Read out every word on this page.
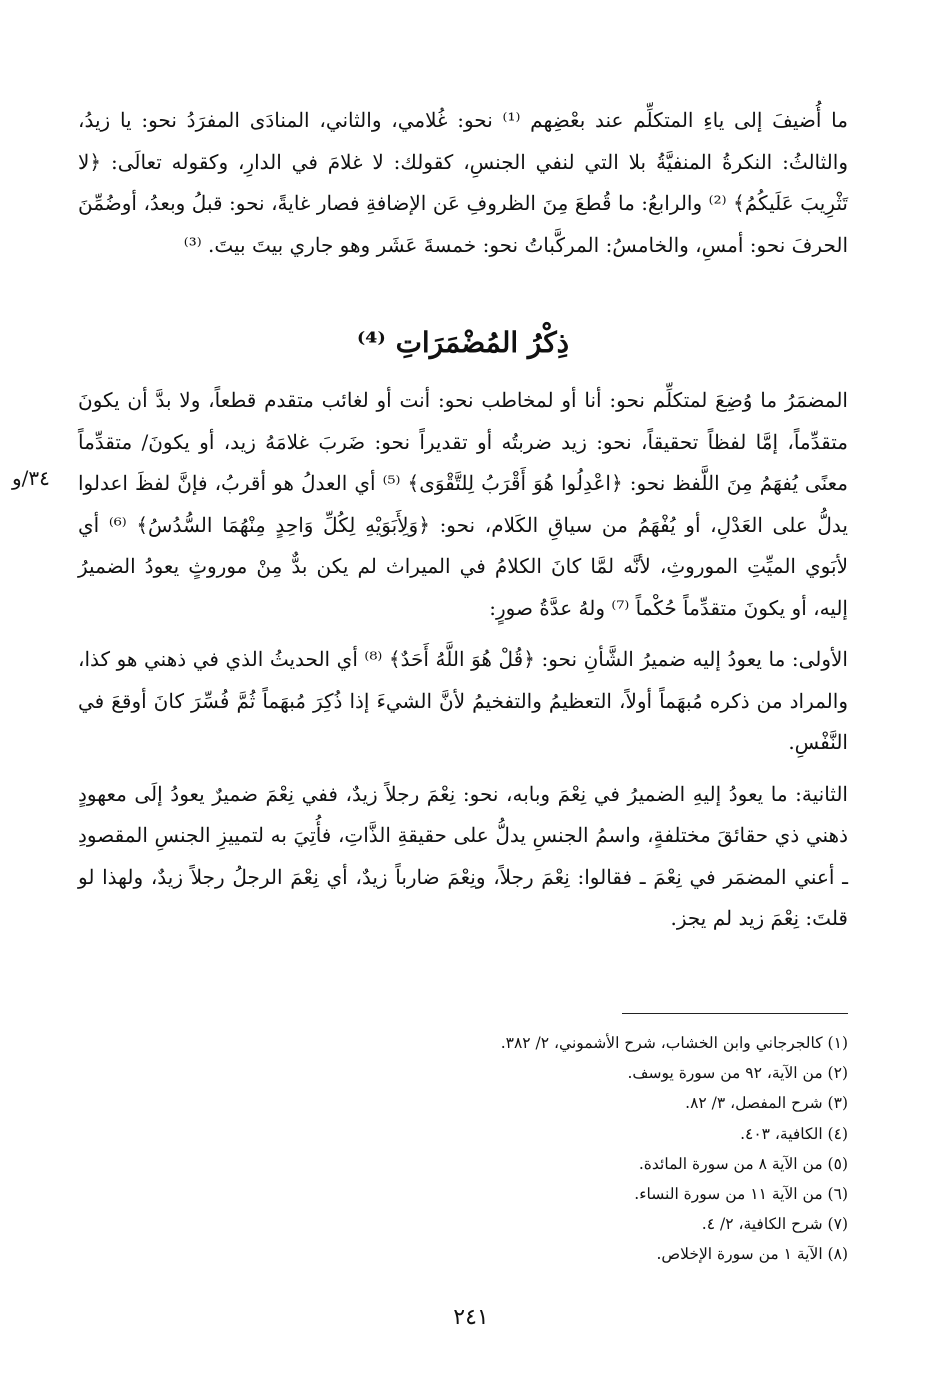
ما أُضيفَ إلى ياءِ المتكلِّم عند بعْضِهم ⁽¹⁾ نحو: غُلامي، والثاني، المنادَى المفرَدُ نحو: يا زيدُ، والثالثُ: النكرةُ المنفيَّةُ بلا التي لنفي الجنسِ، كقولك: لا غلامَ في الدارِ، وكقوله تعالَى: ﴿لا تَثْرِيبَ عَلَيكُمُ﴾ ⁽²⁾ والرابعُ: ما قُطعَ مِنَ الظروفِ عَن الإضافةِ فصار غايةً، نحو: قبلُ وبعدُ، أوضُمِّنَ الحرفَ نحو: أمسِ، والخامسُ: المركَّباتُ نحو: خمسةَ عَشَر وهو جاري بيتَ بيتَ. ⁽³⁾

ذِكْرُ المُضْمَرَاتِ ⁽⁴⁾
٣٤/و

المضمَرُ ما وُضِعَ لمتكلِّم نحو: أنا أو لمخاطب نحو: أنت أو لغائب متقدم قطعاً، ولا بدَّ أن يكونَ متقدِّماً، إمَّا لفظاً تحقيقاً، نحو: زيد ضربتُه أو تقديراً نحو: ضَربَ غلامَهُ زيد، أو يكونَ/ متقدِّماً معنًى يُفهَمُ مِنَ اللَّفظ نحو: ﴿اعْدِلُوا هُوَ أَقْرَبُ لِلتَّقْوَى﴾ ⁽⁵⁾ أي العدلُ هو أقربُ، فإنَّ لفظَ اعدلوا يدلُّ على العَدْلِ، أو يُفْهَمُ من سياقِ الكَلام، نحو: ﴿وَلِأَبَوَيْهِ لِكُلِّ وَاحِدٍ مِنْهُمَا السُّدُسُ﴾ ⁽⁶⁾ أي لأبَوي الميِّتِ الموروثِ، لأنَّه لمَّا كانَ الكلامُ في الميراث لم يكن بدٌّ مِنْ موروثٍ يعودُ الضميرُ إليه، أو يكونَ متقدِّماً حُكْماً ⁽⁷⁾ ولهُ عدَّةُ صورٍ:

الأولى: ما يعودُ إليه ضميرُ الشَّأنِ نحو: ﴿قُلْ هُوَ اللَّهُ أَحَدٌ﴾ ⁽⁸⁾ أي الحديثُ الذي في ذهني هو كذا، والمراد من ذكره مُبهَماً أولاً، التعظيمُ والتفخيمُ لأنَّ الشيءَ إذا ذُكِرَ مُبهَماً ثُمَّ فُسِّرَ كانَ أوقعَ في النَّفْسِ.

الثانية: ما يعودُ إليهِ الضميرُ في نِعْمَ وبابه، نحو: نِعْمَ رجلاً زيدٌ، ففي نِعْمَ ضميرٌ يعودُ إلَى معهودٍ ذهني ذي حقائقَ مختلفةٍ، واسمُ الجنسِ يدلُّ على حقيقةِ الذَّاتِ، فأُتِيَ به لتمييزِ الجنسِ المقصودِ ـ أعني المضمَر في نِعْمَ ـ فقالوا: نِعْمَ رجلاً، ونِعْمَ ضارباً زيدٌ، أي نِعْمَ الرجلُ رجلاً زيدٌ، ولهذا لو قلتَ: نِعْمَ زيد لم يجز.

(١) كالجرجاني وابن الخشاب، شرح الأشموني، ٢/ ٣٨٢.
(٢) من الآية، ٩٢ من سورة يوسف.
(٣) شرح المفصل، ٣/ ٨٢.
(٤) الكافية، ٤٠٣.
(٥) من الآية ٨ من سورة المائدة.
(٦) من الآية ١١ من سورة النساء.
(٧) شرح الكافية، ٢/ ٤.
(٨) الآية ١ من سورة الإخلاص.
٢٤١
